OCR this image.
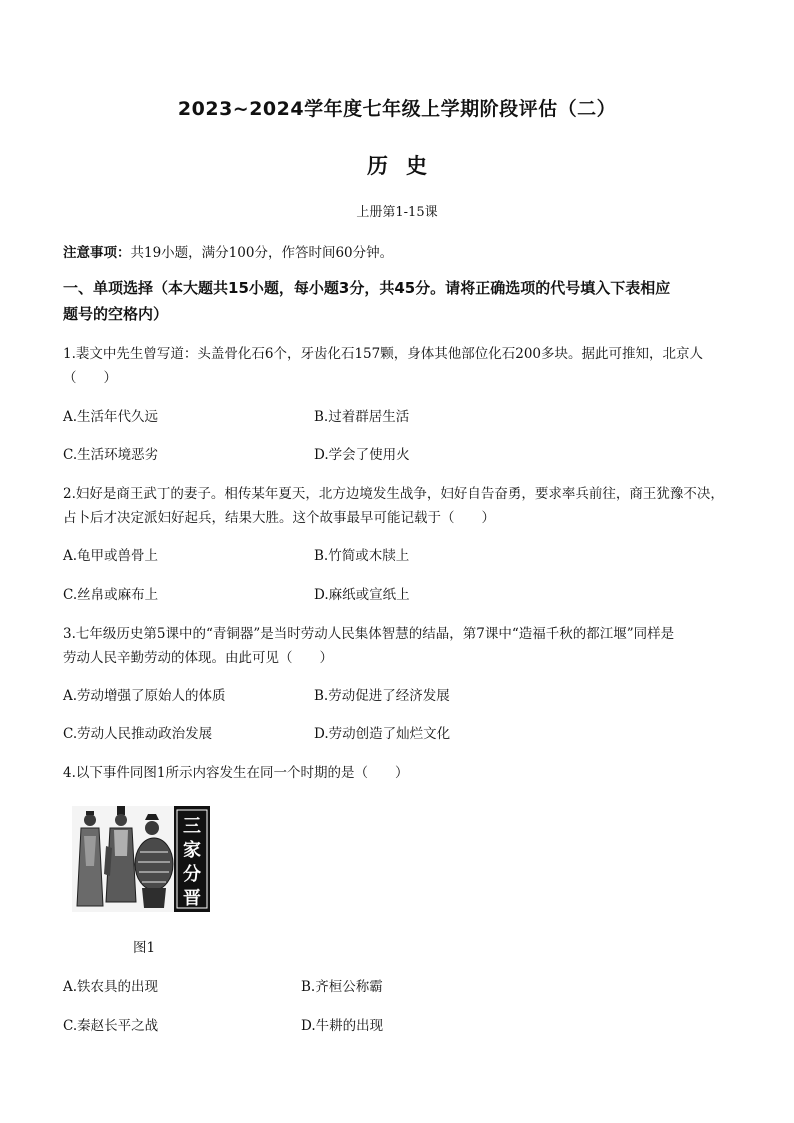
2023~2024学年度七年级上学期阶段评估（二）
历史
上册第1-15课
注意事项：共19小题，满分100分，作答时间60分钟。
一、单项选择（本大题共15小题，每小题3分，共45分。请将正确选项的代号填入下表相应
题号的空格内）
1.裴文中先生曾写道：头盖骨化石6个，牙齿化石157颗，身体其他部位化石200多块。据此可推知，北京人
（　　）
A.生活年代久远	B.过着群居生活
C.生活环境恶劣	D.学会了使用火
2.妇好是商王武丁的妻子。相传某年夏天，北方边境发生战争，妇好自告奋勇，要求率兵前往，商王犹豫不决，
占卜后才决定派妇好起兵，结果大胜。这个故事最早可能记载于（　　）
A.龟甲或兽骨上	B.竹简或木牍上
C.丝帛或麻布上	D.麻纸或宣纸上
3.七年级历史第5课中的“青铜器”是当时劳动人民集体智慧的结晶，第7课中“造福千秋的都江堰”同样是
劳动人民辛勤劳动的体现。由此可见（　　）
A.劳动增强了原始人的体质	B.劳动促进了经济发展
C.劳动人民推动政治发展	D.劳动创造了灿烂文化
4.以下事件同图1所示内容发生在同一个时期的是（　　）
三
家
分
晋
图1
A.铁农具的出现	B.齐桓公称霸
C.秦赵长平之战	D.牛耕的出现
